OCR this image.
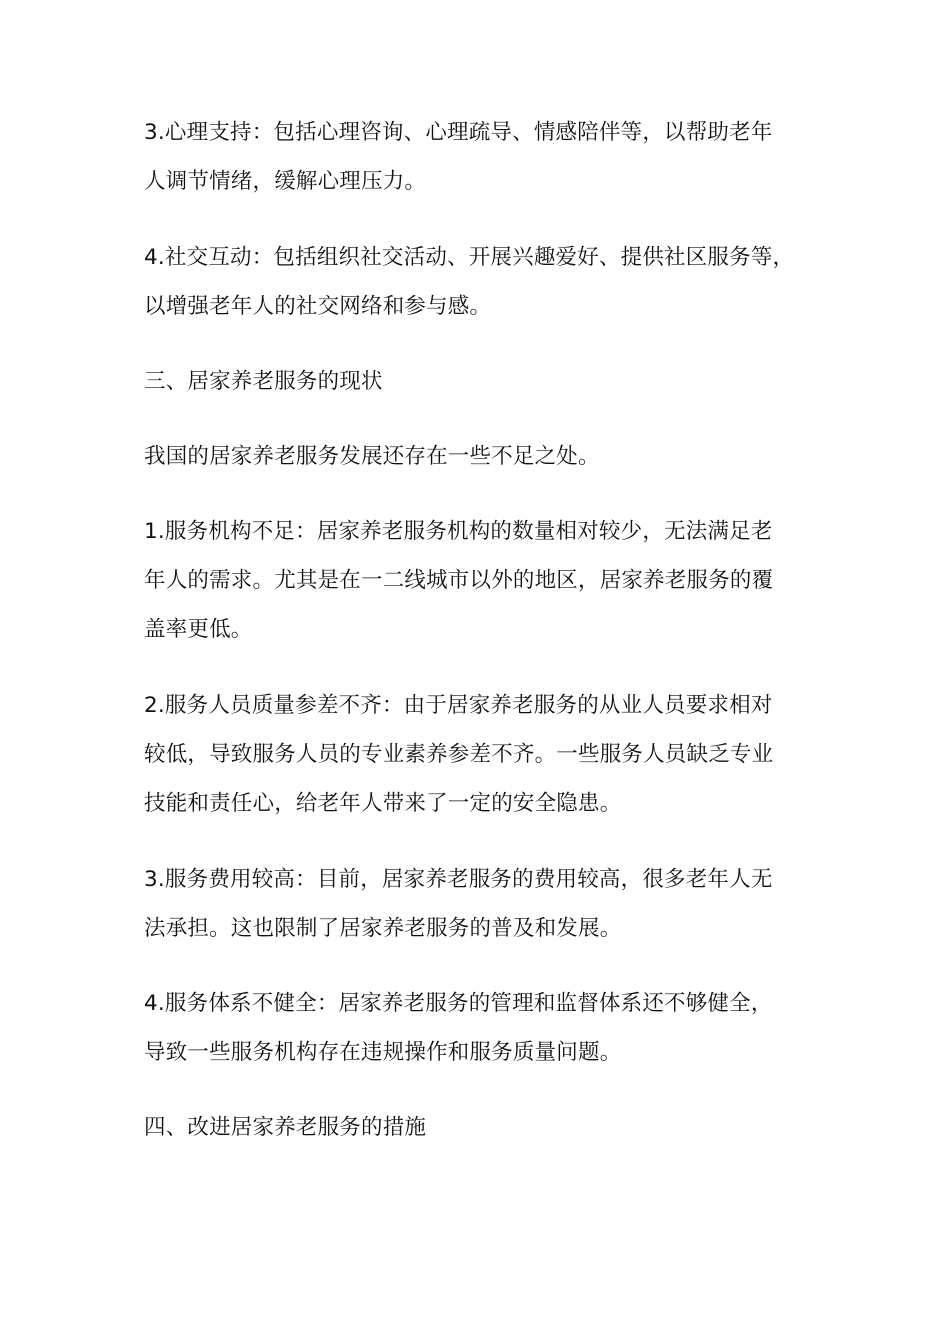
3.心理支持：包括心理咨询、心理疏导、情感陪伴等，以帮助老年
人调节情绪，缓解心理压力。
4.社交互动：包括组织社交活动、开展兴趣爱好、提供社区服务等，
以增强老年人的社交网络和参与感。
三、居家养老服务的现状
我国的居家养老服务发展还存在一些不足之处。
1.服务机构不足：居家养老服务机构的数量相对较少，无法满足老
年人的需求。尤其是在一二线城市以外的地区，居家养老服务的覆
盖率更低。
2.服务人员质量参差不齐：由于居家养老服务的从业人员要求相对
较低，导致服务人员的专业素养参差不齐。一些服务人员缺乏专业
技能和责任心，给老年人带来了一定的安全隐患。
3.服务费用较高：目前，居家养老服务的费用较高，很多老年人无
法承担。这也限制了居家养老服务的普及和发展。
4.服务体系不健全：居家养老服务的管理和监督体系还不够健全，
导致一些服务机构存在违规操作和服务质量问题。
四、改进居家养老服务的措施
